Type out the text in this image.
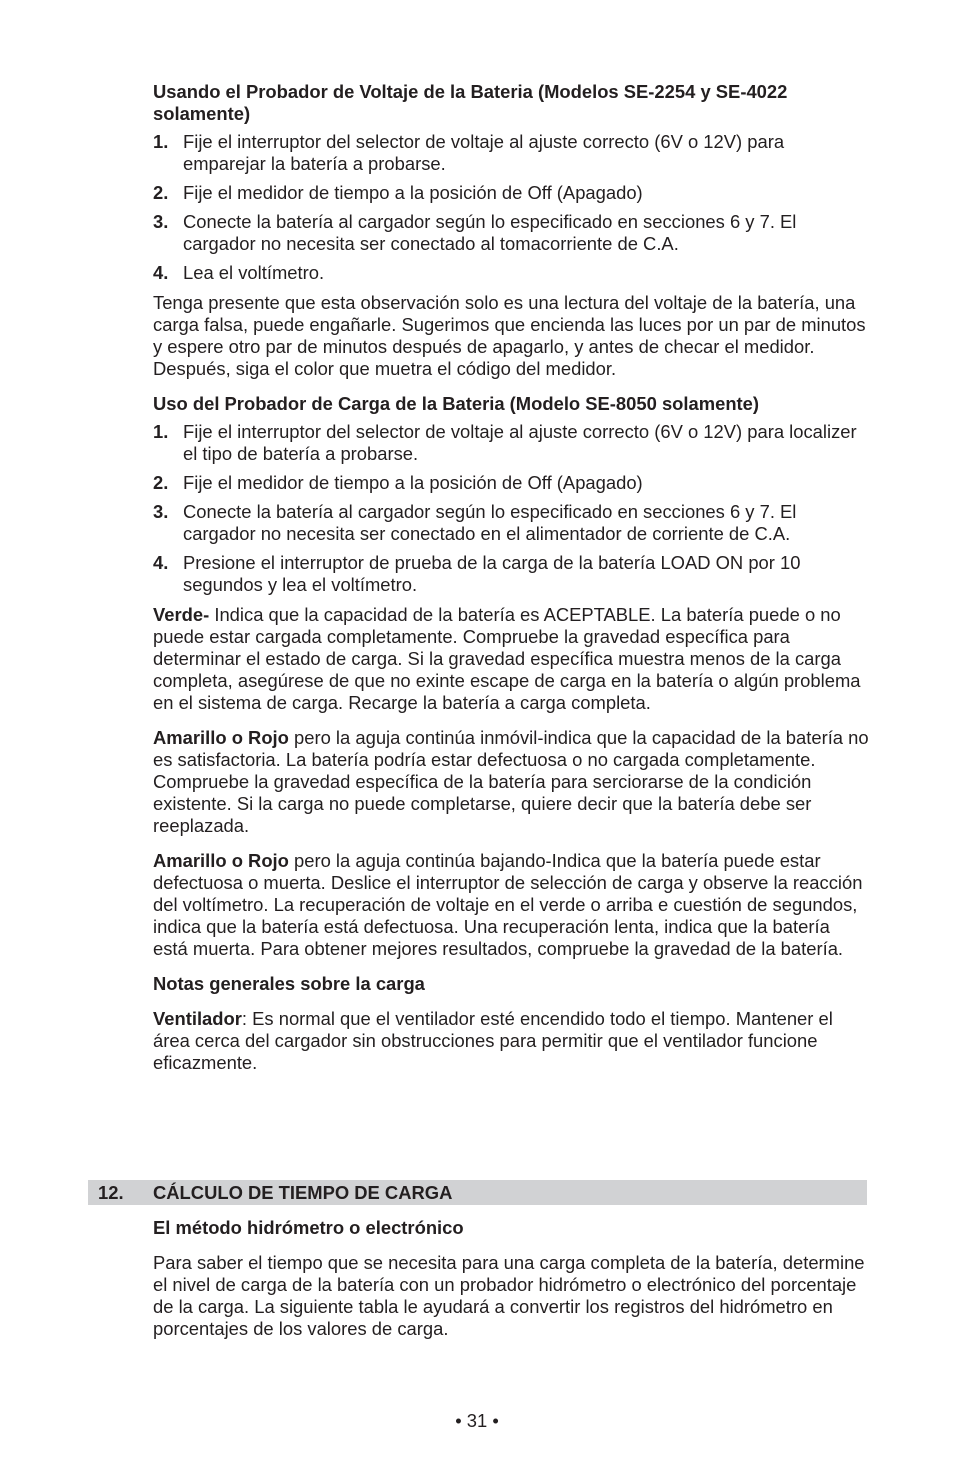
Usando el Probador de Voltaje de la Bateria (Modelos SE-2254 y SE-4022 solamente)

1. Fije el interruptor del selector de voltaje al ajuste correcto (6V o 12V) para emparejar la batería a probarse.
2. Fije el medidor de tiempo a la posición de Off (Apagado)
3. Conecte la batería al cargador según lo especificado en secciones 6 y 7. El cargador no necesita ser conectado al tomacorriente de C.A.
4. Lea el voltímetro.

Tenga presente que esta observación solo es una lectura del voltaje de la batería, una carga falsa, puede engañarle. Sugerimos que encienda las luces por un par de minutos y espere otro par de minutos después de apagarlo, y antes de checar el medidor. Después, siga el color que muetra el código del medidor.

Uso del Probador de Carga de la Bateria (Modelo SE-8050 solamente)

1. Fije el interruptor del selector de voltaje al ajuste correcto (6V o 12V) para localizer el tipo de batería a probarse.
2. Fije el medidor de tiempo a la posición de Off (Apagado)
3. Conecte la batería al cargador según lo especificado en secciones 6 y 7. El cargador no necesita ser conectado en el alimentador de corriente de C.A.
4. Presione el interruptor de prueba de la carga de la batería LOAD ON por 10 segundos y lea el voltímetro.

Verde- Indica que la capacidad de la batería es ACEPTABLE. La batería puede o no puede estar cargada completamente. Compruebe la gravedad específica para determinar el estado de carga. Si la gravedad específica muestra menos de la carga completa, asegúrese de que no exinte escape de carga en la batería o algún problema en el sistema de carga. Recarge la batería a carga completa.

Amarillo o Rojo pero la aguja continúa inmóvil-indica que la capacidad de la batería no es satisfactoria. La batería podría estar defectuosa o no cargada completamente. Compruebe la gravedad específica de la batería para serciorarse de la condición existente. Si la carga no puede completarse, quiere decir que la batería debe ser reeplazada.

Amarillo o Rojo pero la aguja continúa bajando-Indica que la batería puede estar defectuosa o muerta. Deslice el interruptor de selección de carga y observe la reacción del voltímetro. La recuperación de voltaje en el verde o arriba e cuestión de segundos, indica que la batería está defectuosa. Una recuperación lenta, indica que la batería está muerta. Para obtener mejores resultados, compruebe la gravedad de la batería.

Notas generales sobre la carga

Ventilador: Es normal que el ventilador esté encendido todo el tiempo. Mantener el área cerca del cargador sin obstrucciones para permitir que el ventilador funcione eficazmente.

12. CÁLCULO DE TIEMPO DE CARGA

El método hidrómetro o electrónico

Para saber el tiempo que se necesita para una carga completa de la batería, determine el nivel de carga de la batería con un probador hidrómetro o electrónico del porcentaje de la carga. La siguiente tabla le ayudará a convertir los registros del hidrómetro en porcentajes de los valores de carga.

• 31 •
